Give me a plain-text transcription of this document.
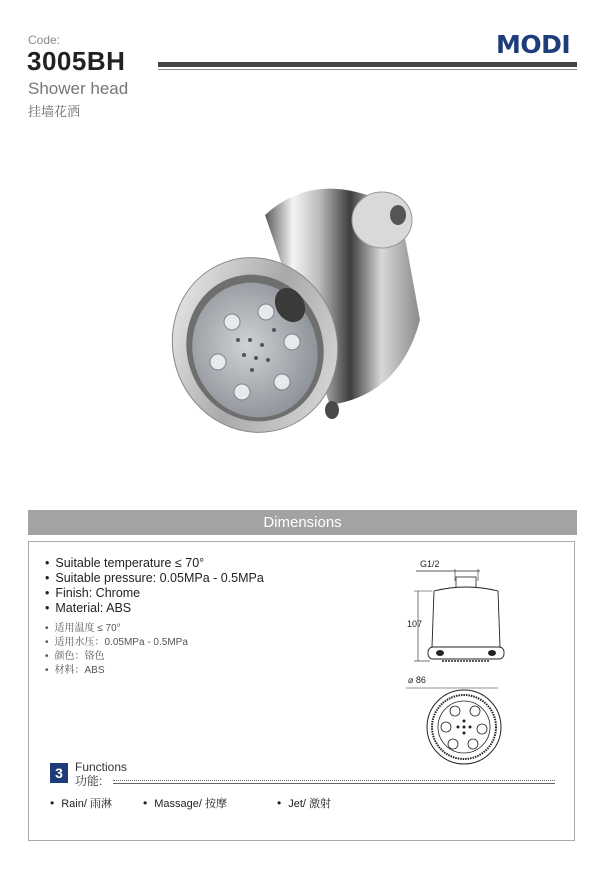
Code:
3005BH
Shower head
挂墙花洒
MODI
Dimensions
• Suitable temperature ≤ 70°
• Suitable pressure: 0.05MPa - 0.5MPa
• Finish: Chrome
• Material: ABS
• 适用温度 ≤ 70°
• 适用水压：0.05MPa - 0.5MPa
• 颜色：铬色
• 材料：ABS
G1/2
107
⌀ 86
3	Functions
功能:
• Rain/ 雨淋	• Massage/ 按摩	• Jet/ 激射
